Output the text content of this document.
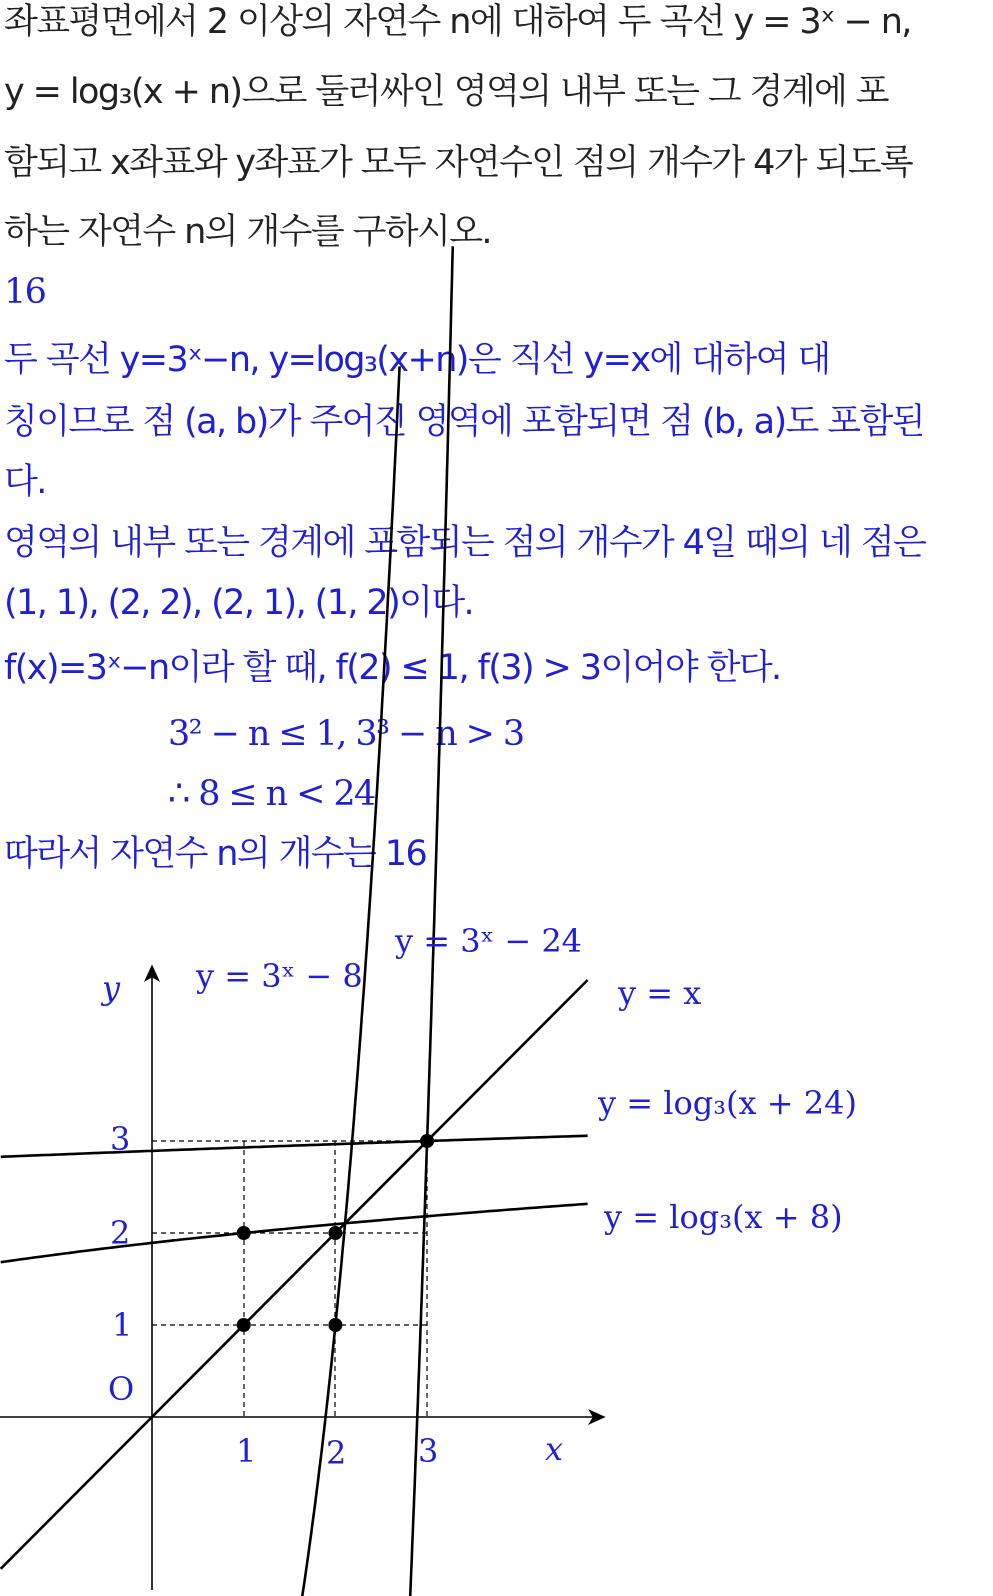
좌표평면에서 2 이상의 자연수 n에 대하여 두 곡선 y = 3ˣ − n,
y = log₃(x + n)으로 둘러싸인 영역의 내부 또는 그 경계에 포
함되고 x좌표와 y좌표가 모두 자연수인 점의 개수가 4가 되도록
하는 자연수 n의 개수를 구하시오.
16
두 곡선 y=3ˣ−n, y=log₃(x+n)은 직선 y=x에 대하여 대
칭이므로 점 (a, b)가 주어진 영역에 포함되면 점 (b, a)도 포함된
다.
영역의 내부 또는 경계에 포함되는 점의 개수가 4일 때의 네 점은
(1, 1), (2, 2), (2, 1), (1, 2)이다.
f(x)=3ˣ−n이라 할 때, f(2) ≤ 1, f(3) > 3이어야 한다.
3² − n ≤ 1, 3³ − n > 3
∴ 8 ≤ n < 24
따라서 자연수 n의 개수는 16
y
x
O
1 2 3
1
2
3
y = 3ˣ − 8
y = 3ˣ − 24
y = x
y = log₃(x + 24)
y = log₃(x + 8)
